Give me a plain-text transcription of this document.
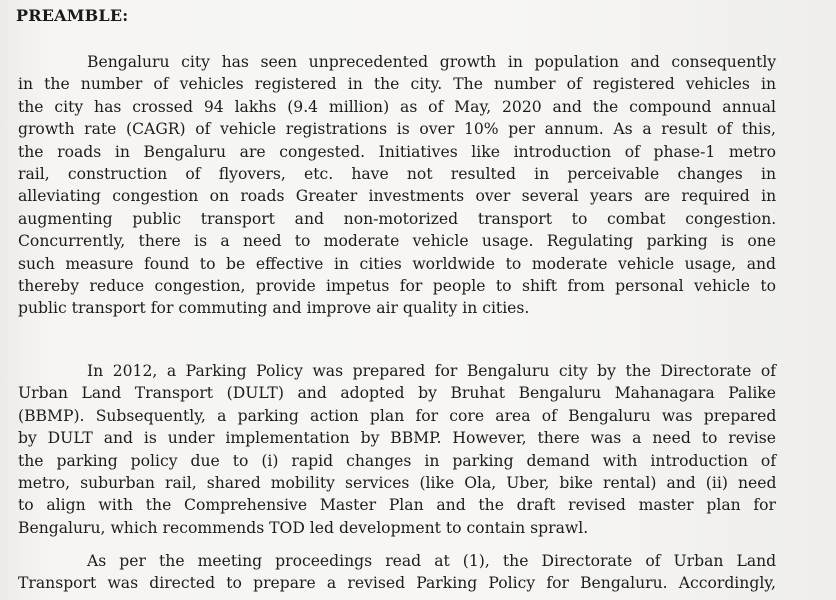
PREAMBLE:
Bengaluru city has seen unprecedented growth in population and consequently
in the number of vehicles registered in the city. The number of registered vehicles in
the city has crossed 94 lakhs (9.4 million) as of May, 2020 and the compound annual
growth rate (CAGR) of vehicle registrations is over 10% per annum. As a result of this,
the roads in Bengaluru are congested. Initiatives like introduction of phase-1 metro
rail, construction of flyovers, etc. have not resulted in perceivable changes in
alleviating congestion on roads Greater investments over several years are required in
augmenting public transport and non-motorized transport to combat congestion.
Concurrently, there is a need to moderate vehicle usage. Regulating parking is one
such measure found to be effective in cities worldwide to moderate vehicle usage, and
thereby reduce congestion, provide impetus for people to shift from personal vehicle to
public transport for commuting and improve air quality in cities.
In 2012, a Parking Policy was prepared for Bengaluru city by the Directorate of
Urban Land Transport (DULT) and adopted by Bruhat Bengaluru Mahanagara Palike
(BBMP). Subsequently, a parking action plan for core area of Bengaluru was prepared
by DULT and is under implementation by BBMP. However, there was a need to revise
the parking policy due to (i) rapid changes in parking demand with introduction of
metro, suburban rail, shared mobility services (like Ola, Uber, bike rental) and (ii) need
to align with the Comprehensive Master Plan and the draft revised master plan for
Bengaluru, which recommends TOD led development to contain sprawl.
As per the meeting proceedings read at (1), the Directorate of Urban Land
Transport was directed to prepare a revised Parking Policy for Bengaluru. Accordingly,
